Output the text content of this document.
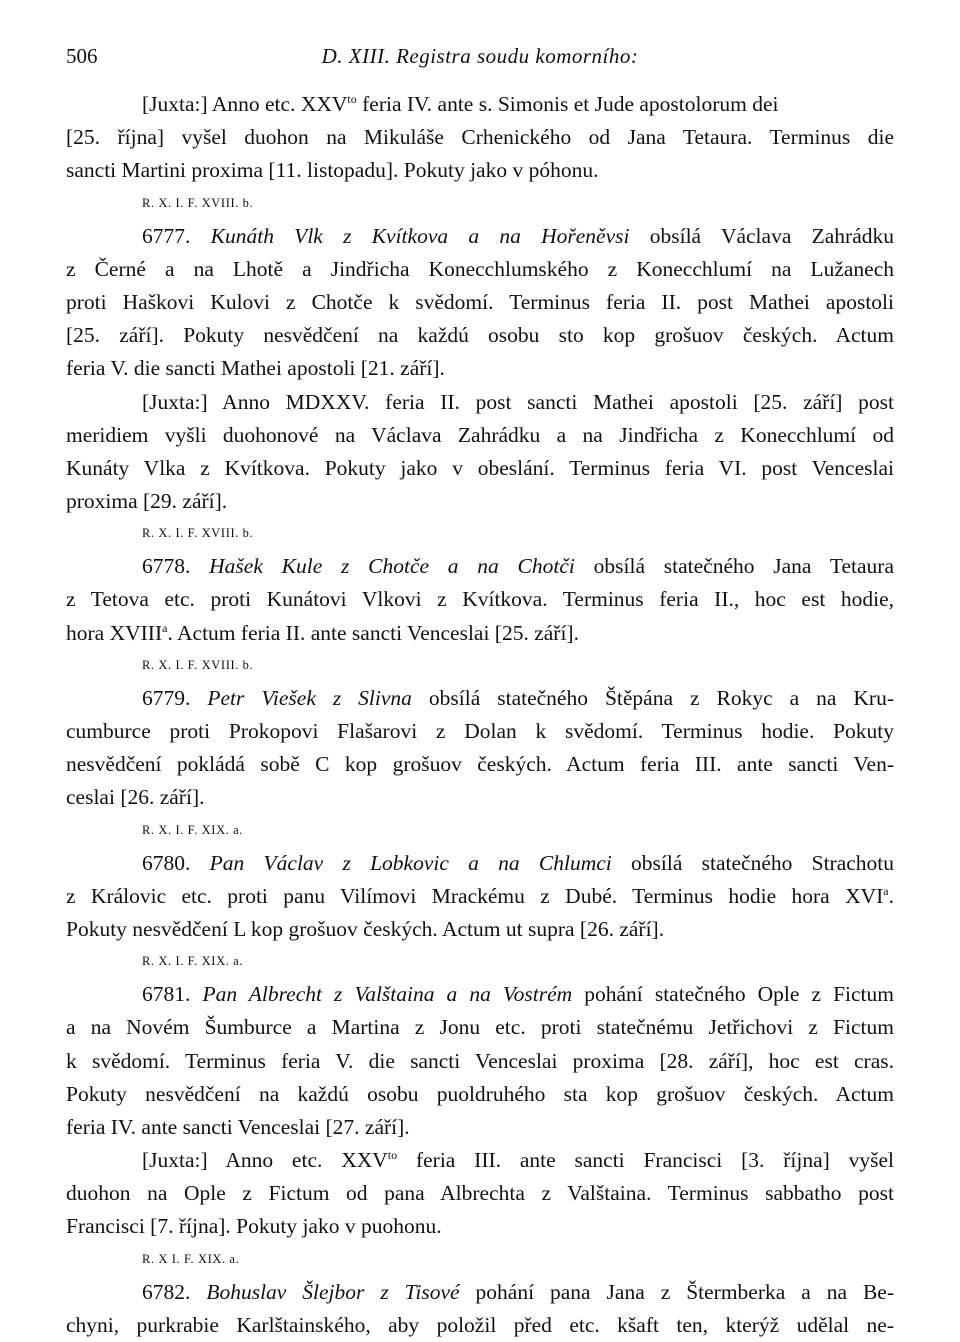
506	D. XIII. Registra soudu komorního:
[Juxta:] Anno etc. $XXV^{to}$ feria IV. ante s. Simonis et Jude apostolorum dei
[25. října] vyšel duohon na Mikuláše Crhenického od Jana Tetaura. Terminus die
sancti Martini proxima [11. listopadu]. Pokuty jako v póhonu.
R. X. I. F. XVIII. b.
6777. Kunáth Vlk z Kvítkova a na Hořeněvsi obsílá Václava Zahrádku
z Černé a na Lhotě a Jindřicha Konecchlumského z Konecchlumí na Lužanech
proti Haškovi Kulovi z Chotče k svědomí. Terminus feria II. post Mathei apostoli
[25. září]. Pokuty nesvědčení na každú osobu sto kop grošuov českých. Actum
feria V. die sancti Mathei apostoli [21. září].
[Juxta:] Anno MDXXV. feria II. post sancti Mathei apostoli [25. září] post
meridiem vyšli duohonové na Václava Zahrádku a na Jindřicha z Konecchlumí od
Kunáty Vlka z Kvítkova. Pokuty jako v obeslání. Terminus feria VI. post Venceslai
proxima [29. září].
R. X. I. F. XVIII. b.
6778. Hašek Kule z Chotče a na Chotči obsílá statečného Jana Tetaura
z Tetova etc. proti Kunátovi Vlkovi z Kvítkova. Terminus feria II., hoc est hodie,
hora XVIII$^a$. Actum feria II. ante sancti Venceslai [25. září].
R. X. I. F. XVIII. b.
6779. Petr Viešek z Slivna obsílá statečného Štěpána z Rokyc a na Kru-
cumburce proti Prokopovi Flašarovi z Dolan k svědomí. Terminus hodie. Pokuty
nesvědčení pokládá sobě C kop grošuov českých. Actum feria III. ante sancti Ven-
ceslai [26. září].
R. X. I. F. XIX. a.
6780. Pan Václav z Lobkovic a na Chlumci obsílá statečného Strachotu
z Královic etc. proti panu Vilímovi Mrackému z Dubé. Terminus hodie hora XVI$^a$.
Pokuty nesvědčení L kop grošuov českých. Actum ut supra [26. září].
R. X. I. F. XIX. a.
6781. Pan Albrecht z Valštaina a na Vostrém pohání statečného Ople z Fictum
a na Novém Šumburce a Martina z Jonu etc. proti statečnému Jetřichovi z Fictum
k svědomí. Terminus feria V. die sancti Venceslai proxima [28. září], hoc est cras.
Pokuty nesvědčení na každú osobu puoldruhého sta kop grošuov českých. Actum
feria IV. ante sancti Venceslai [27. září].
[Juxta:] Anno etc. $XXV^{to}$ feria III. ante sancti Francisci [3. října] vyšel
duohon na Ople z Fictum od pana Albrechta z Valštaina. Terminus sabbatho post
Francisci [7. října]. Pokuty jako v puohonu.
R. X I. F. XIX. a.
6782. Bohuslav Šlejbor z Tisové pohání pana Jana z Štermberka a na Be-
chyni, purkrabie Karlštainského, aby položil před etc. kšaft ten, kterýž udělal ne-
